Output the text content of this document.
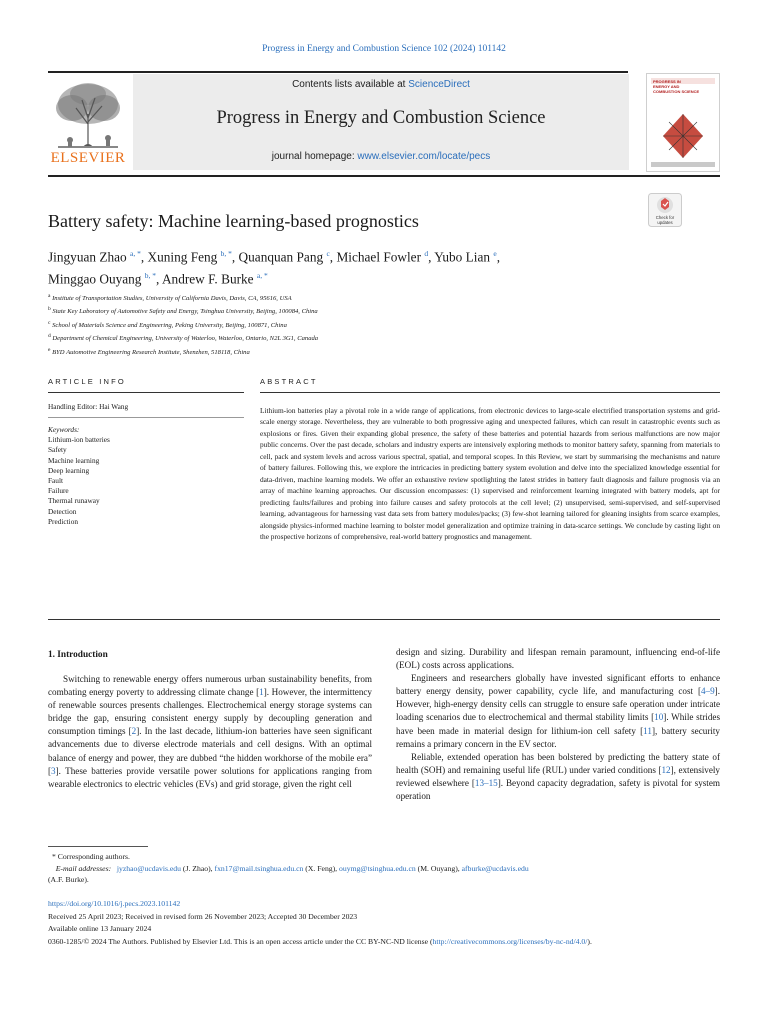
Progress in Energy and Combustion Science 102 (2024) 101142
Contents lists available at ScienceDirect
Progress in Energy and Combustion Science
journal homepage: www.elsevier.com/locate/pecs
ELSEVIER
PROGRESS IN
ENERGY AND
COMBUSTION SCIENCE
Battery safety: Machine learning-based prognostics	Check for
updates
Jingyuan Zhao $^{a, *}$, Xuning Feng $^{b, *}$, Quanquan Pang $^c$, Michael Fowler $^d$, Yubo Lian $^e$,
Minggao Ouyang $^{b, *}$, Andrew F. Burke $^{a, *}$
$^a$ Institute of Transportation Studies, University of California Davis, Davis, CA, 95616, USA
$^b$ State Key Laboratory of Automotive Safety and Energy, Tsinghua University, Beijing, 100084, China
$^c$ School of Materials Science and Engineering, Peking University, Beijing, 100871, China
$^d$ Department of Chemical Engineering, University of Waterloo, Waterloo, Ontario, N2L 3G1, Canada
$^e$ BYD Automotive Engineering Research Institute, Shenzhen, 518118, China
ARTICLE INFO
Handling Editor: Hai Wang
Keywords:
Lithium-ion batteries
Safety
Machine learning
Deep learning
Fault
Failure
Thermal runaway
Detection
Prediction
ABSTRACT
Lithium-ion batteries play a pivotal role in a wide range of applications, from electronic devices to large-scale electrified transportation systems and grid-scale energy storage. Nevertheless, they are vulnerable to both progressive aging and unexpected failures, which can result in catastrophic events such as explosions or fires. Given their expanding global presence, the safety of these batteries and potential hazards from serious malfunctions are now major public concerns. Over the past decade, scholars and industry experts are intensively exploring methods to monitor battery safety, spanning from materials to cell, pack and system levels and across various spectral, spatial, and temporal scopes. In this Review, we start by summarising the mechanisms and nature of battery failures. Following this, we explore the intricacies in predicting battery system evolution and delve into the specialized knowledge essential for data-driven, machine learning models. We offer an exhaustive review spotlighting the latest strides in battery fault diagnosis and failure prognosis via an array of machine learning approaches. Our discussion encompasses: (1) supervised and reinforcement learning integrated with battery models, apt for predicting faults/failures and probing into failure causes and safety protocols at the cell level; (2) unsupervised, semi-supervised, and self-supervised learning, advantageous for harnessing vast data sets from battery modules/packs; (3) few-shot learning tailored for gleaning insights from scarce examples, alongside physics-informed machine learning to bolster model generalization and optimize training in data-scarce settings. We conclude by casting light on the prospective horizons of comprehensive, real-world battery prognostics and management.
1. Introduction

Switching to renewable energy offers numerous urban sustainability benefits, from combating energy poverty to addressing climate change [1]. However, the intermittency of renewable sources presents challenges. Electrochemical energy storage systems can bridge the gap, ensuring consistent energy supply by decoupling generation and consumption timings [2]. In the last decade, lithium-ion batteries have seen significant advancements due to diverse electrode materials and cell designs. With an optimal balance of energy and power, they are dubbed “the hidden workhorse of the mobile era” [3]. These batteries provide versatile power solutions for applications ranging from wearable electronics to electric vehicles (EVs) and grid storage, given the right cell

design and sizing. Durability and lifespan remain paramount, influencing end-of-life (EOL) costs across applications.

Engineers and researchers globally have invested significant efforts to enhance battery energy density, power capability, cycle life, and manufacturing cost [4–9]. However, high-energy density cells can struggle to ensure safe operation under intricate loading scenarios due to electrochemical and thermal stability limits [10]. While strides have been made in material design for lithium-ion cell safety [11], battery security remains a primary concern in the EV sector.

Reliable, extended operation has been bolstered by predicting the battery state of health (SOH) and remaining useful life (RUL) under varied conditions [12], extensively reviewed elsewhere [13–15]. Beyond capacity degradation, safety is pivotal for system operation

* Corresponding authors.
E-mail addresses: jyzhao@ucdavis.edu (J. Zhao), fxn17@mail.tsinghua.edu.cn (X. Feng), ouymg@tsinghua.edu.cn (M. Ouyang), afburke@ucdavis.edu
(A.F. Burke).
https://doi.org/10.1016/j.pecs.2023.101142
Received 25 April 2023; Received in revised form 26 November 2023; Accepted 30 December 2023
Available online 13 January 2024
0360-1285/© 2024 The Authors. Published by Elsevier Ltd. This is an open access article under the CC BY-NC-ND license (http://creativecommons.org/licenses/by-nc-nd/4.0/).
